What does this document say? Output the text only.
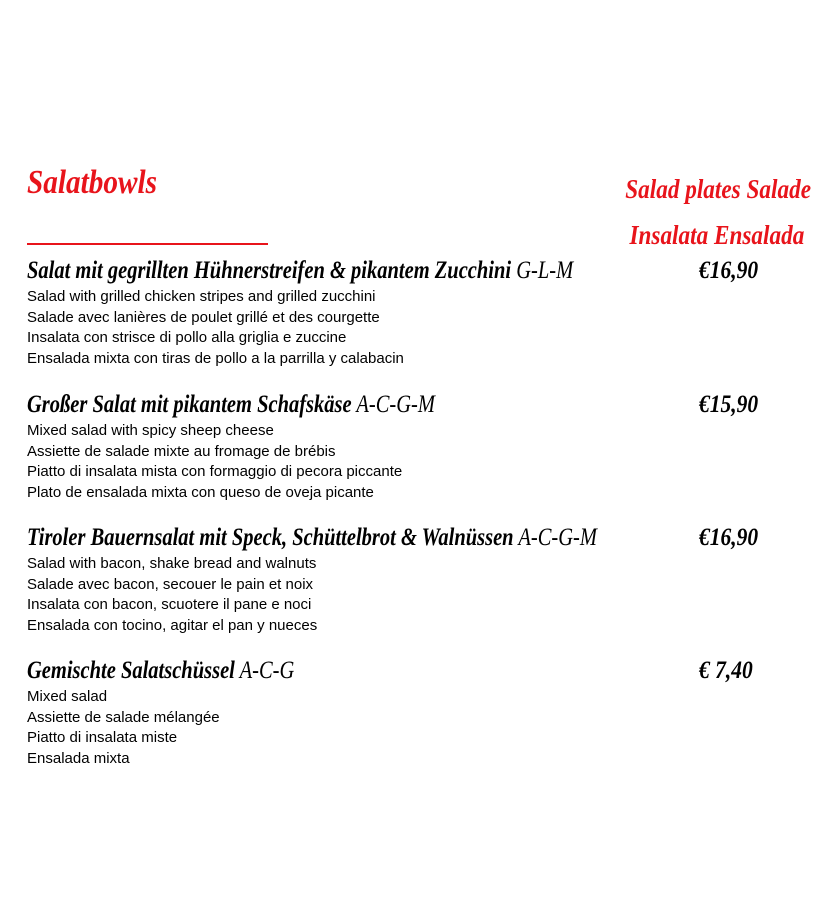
Salatbowls	Salad plates Salade
Insalata Ensalada
Salat mit gegrillten Hühnerstreifen & pikantem Zucchini G-L-M	€16,90
Salad with grilled chicken stripes and grilled zucchini
Salade avec lanières de poulet grillé et des courgette
Insalata con strisce di pollo alla griglia e zuccine
Ensalada mixta con tiras de pollo a la parrilla y calabacin
Großer Salat mit pikantem Schafskäse A-C-G-M	€15,90
Mixed salad with spicy sheep cheese
Assiette de salade mixte au fromage de brébis
Piatto di insalata mista con formaggio di pecora piccante
Plato de ensalada mixta con queso de oveja picante
Tiroler Bauernsalat mit Speck, Schüttelbrot & Walnüssen A-C-G-M	€16,90
Salad with bacon, shake bread and walnuts
Salade avec bacon, secouer le pain et noix
Insalata con bacon, scuotere il pane e noci
Ensalada con tocino, agitar el pan y nueces
Gemischte Salatschüssel A-C-G	€ 7,40
Mixed salad
Assiette de salade mélangée
Piatto di insalata miste
Ensalada mixta
